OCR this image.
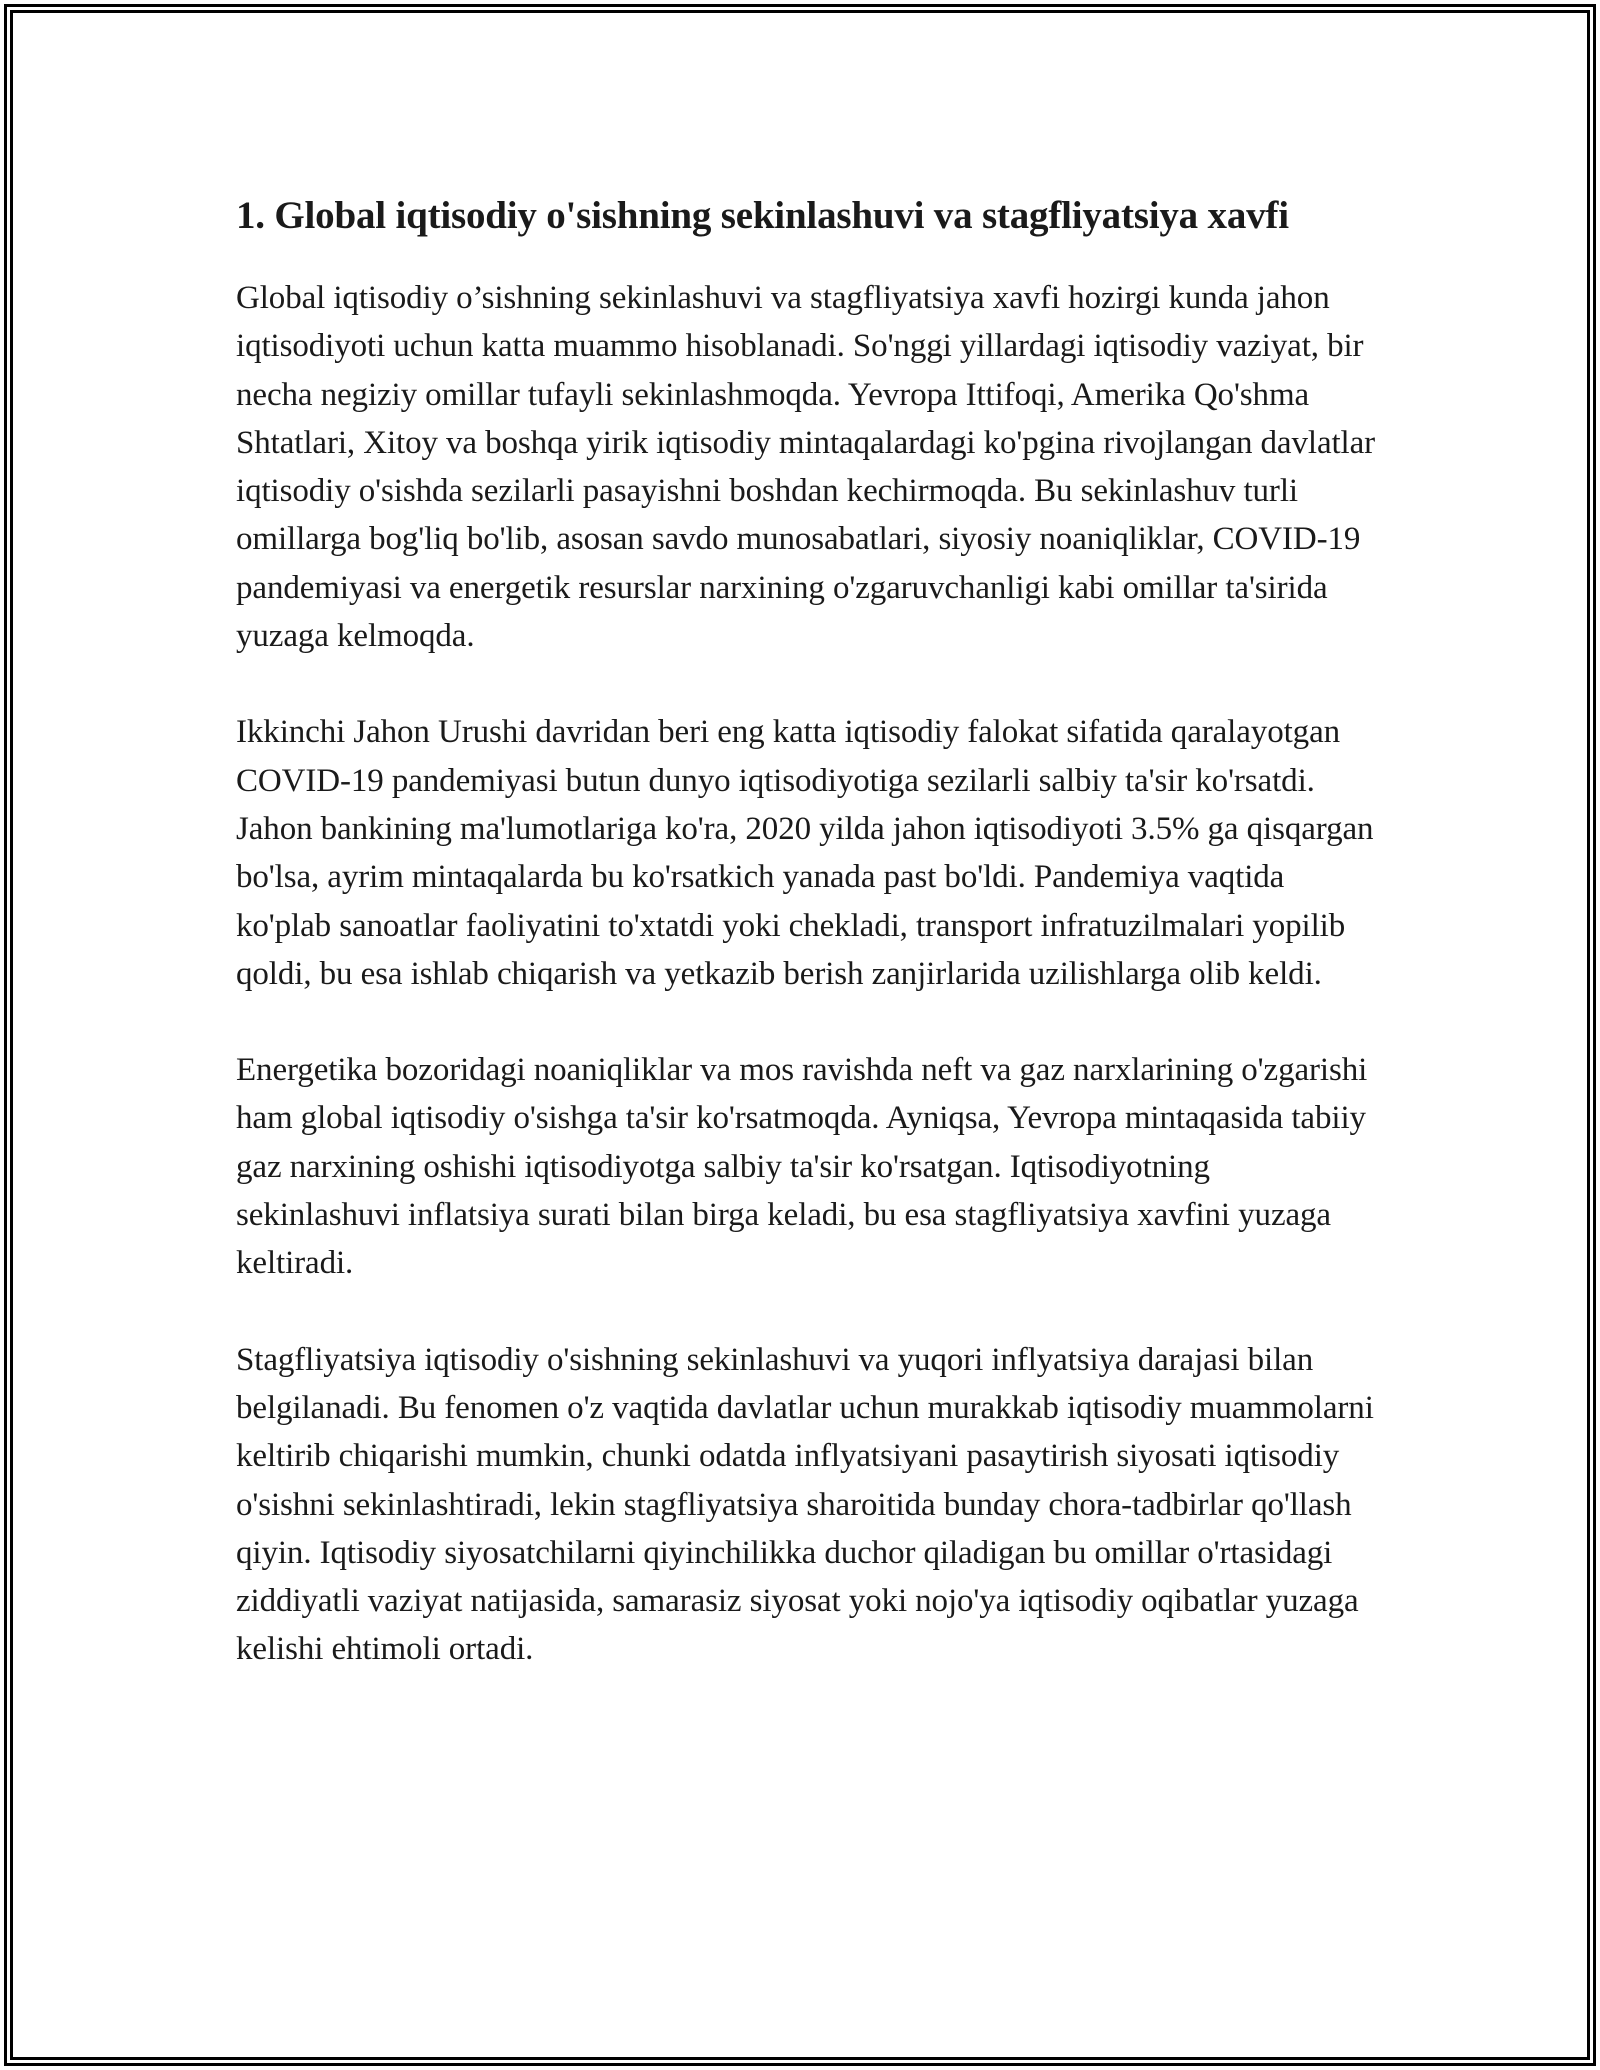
1. Global iqtisodiy o'sishning sekinlashuvi va stagfliyatsiya xavfi

Global iqtisodiy o’sishning sekinlashuvi va stagfliyatsiya xavfi hozirgi kunda jahon iqtisodiyoti uchun katta muammo hisoblanadi. So'nggi yillardagi iqtisodiy vaziyat, bir necha negiziy omillar tufayli sekinlashmoqda. Yevropa Ittifoqi, Amerika Qo'shma Shtatlari, Xitoy va boshqa yirik iqtisodiy mintaqalardagi ko'pgina rivojlangan davlatlar iqtisodiy o'sishda sezilarli pasayishni boshdan kechirmoqda. Bu sekinlashuv turli omillarga bog'liq bo'lib, asosan savdo munosabatlari, siyosiy noaniqliklar, COVID-19 pandemiyasi va energetik resurslar narxining o'zgaruvchanligi kabi omillar ta'sirida yuzaga kelmoqda.

Ikkinchi Jahon Urushi davridan beri eng katta iqtisodiy falokat sifatida qaralayotgan COVID-19 pandemiyasi butun dunyo iqtisodiyotiga sezilarli salbiy ta'sir ko'rsatdi. Jahon bankining ma'lumotlariga ko'ra, 2020 yilda jahon iqtisodiyoti 3.5% ga qisqargan bo'lsa, ayrim mintaqalarda bu ko'rsatkich yanada past bo'ldi. Pandemiya vaqtida ko'plab sanoatlar faoliyatini to'xtatdi yoki chekladi, transport infratuzilmalari yopilib qoldi, bu esa ishlab chiqarish va yetkazib berish zanjirlarida uzilishlarga olib keldi.

Energetika bozoridagi noaniqliklar va mos ravishda neft va gaz narxlarining o'zgarishi ham global iqtisodiy o'sishga ta'sir ko'rsatmoqda. Ayniqsa, Yevropa mintaqasida tabiiy gaz narxining oshishi iqtisodiyotga salbiy ta'sir ko'rsatgan. Iqtisodiyotning sekinlashuvi inflatsiya surati bilan birga keladi, bu esa stagfliyatsiya xavfini yuzaga keltiradi.

Stagfliyatsiya iqtisodiy o'sishning sekinlashuvi va yuqori inflyatsiya darajasi bilan belgilanadi. Bu fenomen o'z vaqtida davlatlar uchun murakkab iqtisodiy muammolarni keltirib chiqarishi mumkin, chunki odatda inflyatsiyani pasaytirish siyosati iqtisodiy o'sishni sekinlashtiradi, lekin stagfliyatsiya sharoitida bunday chora-tadbirlar qo'llash qiyin. Iqtisodiy siyosatchilarni qiyinchilikka duchor qiladigan bu omillar o'rtasidagi ziddiyatli vaziyat natijasida, samarasiz siyosat yoki nojo'ya iqtisodiy oqibatlar yuzaga kelishi ehtimoli ortadi.
